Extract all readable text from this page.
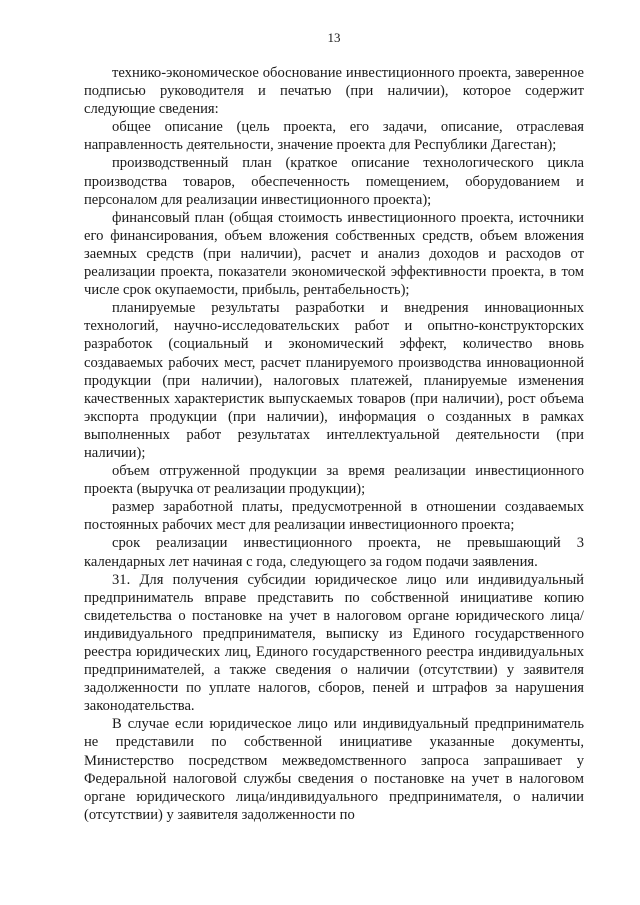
13

технико-экономическое обоснование инвестиционного проекта, заверенное подписью руководителя и печатью (при наличии), которое содержит следующие сведения:

общее описание (цель проекта, его задачи, описание, отраслевая направленность деятельности, значение проекта для Республики Дагестан);

производственный план (краткое описание технологического цикла производства товаров, обеспеченность помещением, оборудованием и персоналом для реализации инвестиционного проекта);

финансовый план (общая стоимость инвестиционного проекта, источники его финансирования, объем вложения собственных средств, объем вложения заемных средств (при наличии), расчет и анализ доходов и расходов от реализации проекта, показатели экономической эффективности проекта, в том числе срок окупаемости, прибыль, рентабельность);

планируемые результаты разработки и внедрения инновационных технологий, научно-исследовательских работ и опытно-конструкторских разработок (социальный и экономический эффект, количество вновь создаваемых рабочих мест, расчет планируемого производства инновационной продукции (при наличии), налоговых платежей, планируемые изменения качественных характеристик выпускаемых товаров (при наличии), рост объема экспорта продукции (при наличии), информация о созданных в рамках выполненных работ результатах интеллектуальной деятельности (при наличии);

объем отгруженной продукции за время реализации инвестиционного проекта (выручка от реализации продукции);

размер заработной платы, предусмотренной в отношении создаваемых постоянных рабочих мест для реализации инвестиционного проекта;

срок реализации инвестиционного проекта, не превышающий 3 календарных лет начиная с года, следующего за годом подачи заявления.

31. Для получения субсидии юридическое лицо или индивидуальный предприниматель вправе представить по собственной инициативе копию свидетельства о постановке на учет в налоговом органе юридического лица/индивидуального предпринимателя, выписку из Единого государственного реестра юридических лиц, Единого государственного реестра индивидуальных предпринимателей, а также сведения о наличии (отсутствии) у заявителя задолженности по уплате налогов, сборов, пеней и штрафов за нарушения законодательства.

В случае если юридическое лицо или индивидуальный предприниматель не представили по собственной инициативе указанные документы, Министерство посредством межведомственного запроса запрашивает у Федеральной налоговой службы сведения о постановке на учет в налоговом органе юридического лица/индивидуального предпринимателя, о наличии (отсутствии) у заявителя задолженности по
